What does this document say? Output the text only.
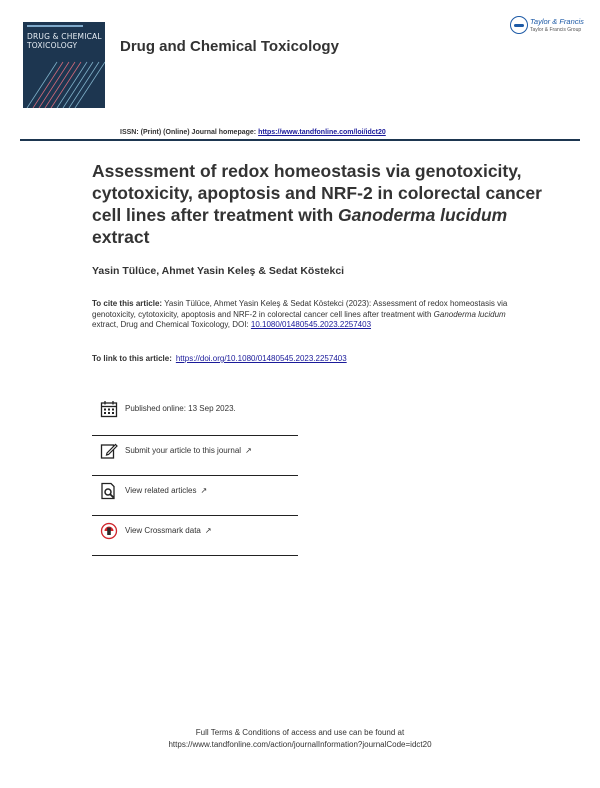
DRUG & CHEMICAL TOXICOLOGY	Drug and Chemical Toxicology
Taylor & Francis
Taylor & Francis Group
ISSN: (Print) (Online) Journal homepage: https://www.tandfonline.com/loi/idct20
Assessment of redox homeostasis via genotoxicity, cytotoxicity, apoptosis and NRF-2 in colorectal cancer cell lines after treatment with Ganoderma lucidum extract
Yasin Tülüce, Ahmet Yasin Keleş & Sedat Köstekci
To cite this article: Yasin Tülüce, Ahmet Yasin Keleş & Sedat Köstekci (2023): Assessment of redox homeostasis via genotoxicity, cytotoxicity, apoptosis and NRF-2 in colorectal cancer cell lines after treatment with Ganoderma lucidum extract, Drug and Chemical Toxicology, DOI: 10.1080/01480545.2023.2257403
To link to this article: https://doi.org/10.1080/01480545.2023.2257403
Published online: 13 Sep 2023.
Submit your article to this journal ↗
View related articles ↗
View Crossmark data ↗
Full Terms & Conditions of access and use can be found at
https://www.tandfonline.com/action/journalInformation?journalCode=idct20
